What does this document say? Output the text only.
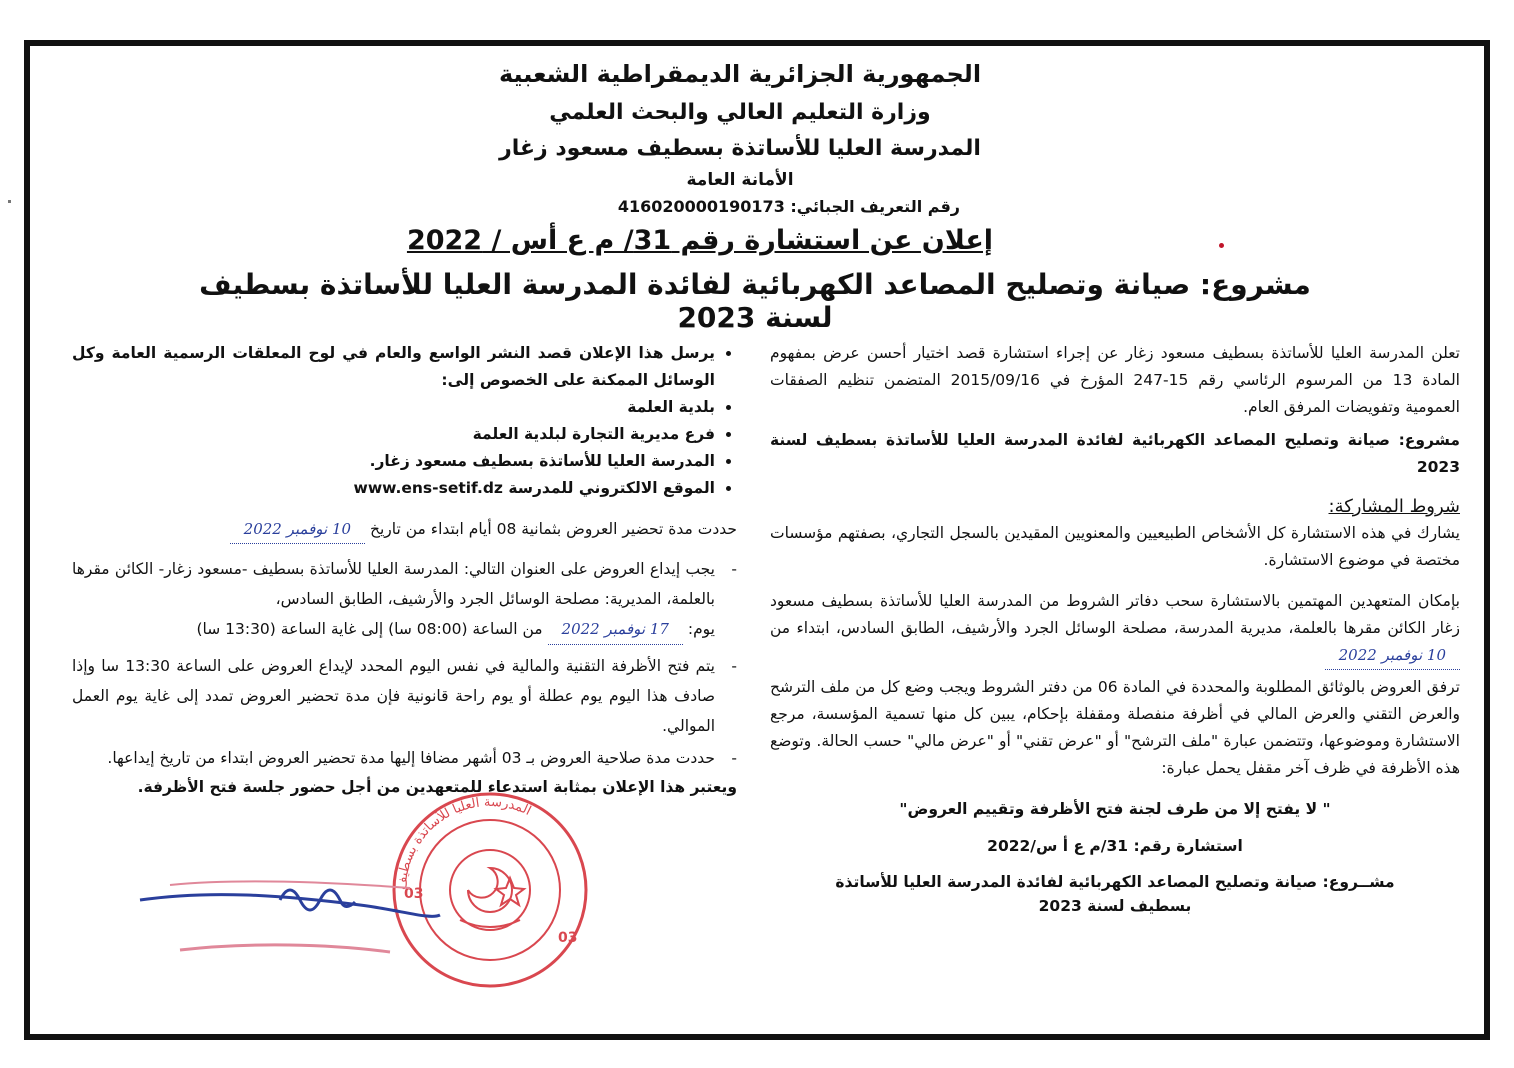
الجمهورية الجزائرية الديمقراطية الشعبية
وزارة التعليم العالي والبحث العلمي
المدرسة العليا للأساتذة بسطيف مسعود زغار
الأمانة العامة
رقم التعريف الجبائي: 416020000190173
إعلان عن استشارة رقم 31/ م ع أس / 2022
مشروع: صيانة وتصليح المصاعد الكهربائية لفائدة المدرسة العليا للأساتذة بسطيف لسنة 2023

تعلن المدرسة العليا للأساتذة بسطيف مسعود زغار عن إجراء استشارة قصد اختيار أحسن عرض بمفهوم المادة 13 من المرسوم الرئاسي رقم 15-247 المؤرخ في 2015/09/16 المتضمن تنظيم الصفقات العمومية وتفويضات المرفق العام.

مشروع: صيانة وتصليح المصاعد الكهربائية لفائدة المدرسة العليا للأساتذة بسطيف لسنة 2023

شروط المشاركة:

يشارك في هذه الاستشارة كل الأشخاص الطبيعيين والمعنويين المقيدين بالسجل التجاري، بصفتهم مؤسسات مختصة في موضوع الاستشارة.

بإمكان المتعهدين المهتمين بالاستشارة سحب دفاتر الشروط من المدرسة العليا للأساتذة بسطيف مسعود زغار الكائن مقرها بالعلمة، مديرية المدرسة، مصلحة الوسائل الجرد والأرشيف، الطابق السادس، ابتداء من 10 نوفمبر 2022

ترفق العروض بالوثائق المطلوبة والمحددة في المادة 06 من دفتر الشروط ويجب وضع كل من ملف الترشح والعرض التقني والعرض المالي في أظرفة منفصلة ومقفلة بإحكام، يبين كل منها تسمية المؤسسة، مرجع الاستشارة وموضوعها، وتتضمن عبارة "ملف الترشح" أو "عرض تقني" أو "عرض مالي" حسب الحالة. وتوضع هذه الأظرفة في ظرف آخر مقفل يحمل عبارة:

" لا يفتح إلا من طرف لجنة فتح الأظرفة وتقييم العروض"

استشارة رقم: 31/م ع أ س/2022

مشــروع: صيانة وتصليح المصاعد الكهربائية لفائدة المدرسة العليا للأساتذة

بسطيف لسنة 2023

• يرسل هذا الإعلان قصد النشر الواسع والعام في لوح المعلقات الرسمية العامة وكل الوسائل الممكنة على الخصوص إلى:
• بلدية العلمة
• فرع مديرية التجارة لبلدية العلمة
• المدرسة العليا للأساتذة بسطيف مسعود زغار.
• الموقع الالكتروني للمدرسة www.ens-setif.dz

حددت مدة تحضير العروض بثمانية 08 أيام ابتداء من تاريخ 10 نوفمبر 2022

- يجب إيداع العروض على العنوان التالي: المدرسة العليا للأساتذة بسطيف -مسعود زغار- الكائن مقرها بالعلمة، المديرية: مصلحة الوسائل الجرد والأرشيف، الطابق السادس،

يوم: 17 نوفمبر 2022 من الساعة (08:00 سا) إلى غاية الساعة (13:30 سا)

- يتم فتح الأظرفة التقنية والمالية في نفس اليوم المحدد لإيداع العروض على الساعة 13:30 سا وإذا صادف هذا اليوم يوم عطلة أو يوم راحة قانونية فإن مدة تحضير العروض تمدد إلى غاية يوم العمل الموالي.

- حددت مدة صلاحية العروض بـ 03 أشهر مضافا إليها مدة تحضير العروض ابتداء من تاريخ إيداعها.

ويعتبر هذا الإعلان بمثابة استدعاء للمتعهدين من أجل حضور جلسة فتح الأظرفة.

المدرسة العليا للأساتذة بسطيف
03
03
